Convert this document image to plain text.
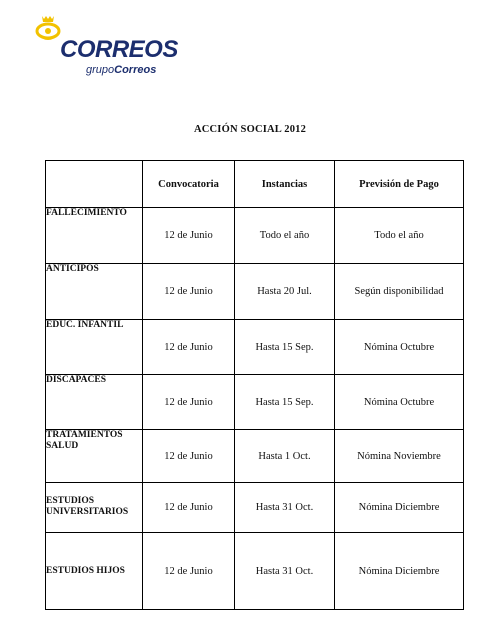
CORREOS
grupoCorreos
ACCIÓN SOCIAL 2012
	Convocatoria	Instancias	Previsión de Pago
FALLECIMIENTO	12 de Junio	Todo el año	Todo el año
ANTICIPOS	12 de Junio	Hasta 20 Jul.	Según disponibilidad
EDUC. INFANTIL	12 de Junio	Hasta 15 Sep.	Nómina Octubre
DISCAPACES	12 de Junio	Hasta 15 Sep.	Nómina Octubre
TRATAMIENTOS SALUD	12 de Junio	Hasta 1 Oct.	Nómina Noviembre
ESTUDIOS UNIVERSITARIOS	12 de Junio	Hasta 31 Oct.	Nómina Diciembre
ESTUDIOS HIJOS	12 de Junio	Hasta 31 Oct.	Nómina Diciembre
